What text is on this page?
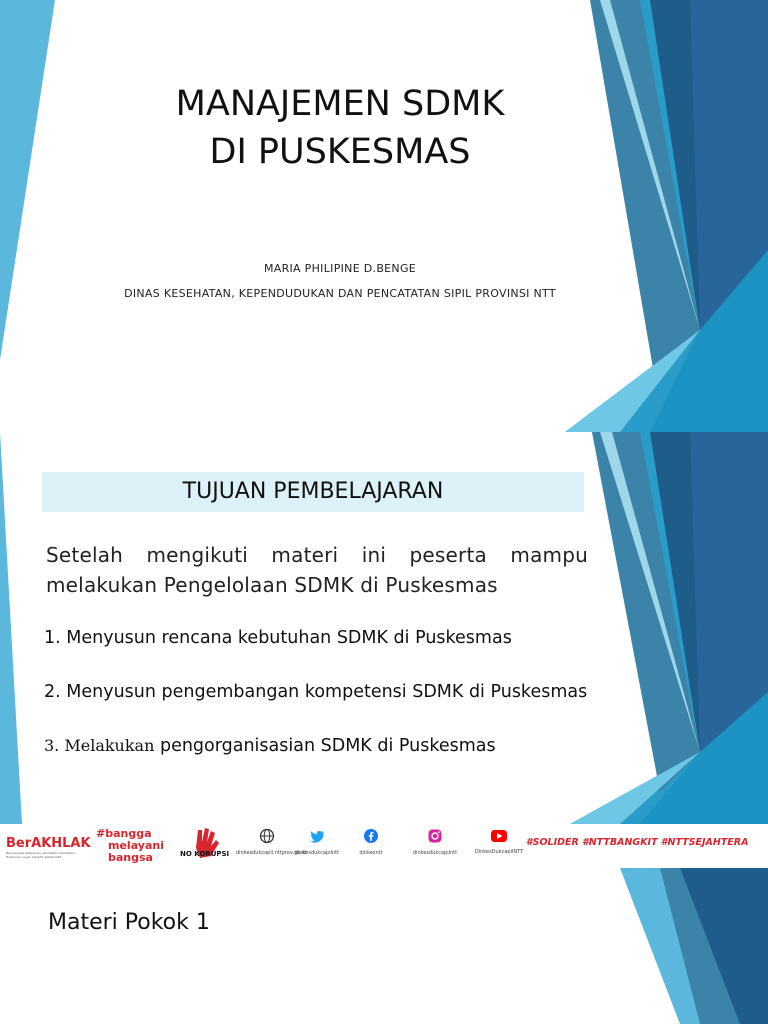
MANAJEMEN SDMK
DI PUSKESMAS
MARIA PHILIPINE D.BENGE
DINAS KESEHATAN, KEPENDUDUKAN DAN PENCATATAN SIPIL PROVINSI NTT
TUJUAN PEMBELAJARAN
Setelah mengikuti materi ini peserta mampu
melakukan Pengelolaan SDMK di Puskesmas
1. Menyusun rencana kebutuhan SDMK di Puskesmas
2. Menyusun pengembangan kompetensi SDMK di Puskesmas
3. Melakukan pengorganisasian SDMK di Puskesmas
BerAKHLAK
Berorientasi Pelayanan, Akuntabel, Kompeten, Harmonis, Loyal, Adaptif, Kolaboratif
#bangga
melayani
bangsa	NO KORUPSI dinkesdukcapil.nttprov.go.id
dinkesdukcapilntt	dinkesntt	dinkesdukcapilntt	DinkesDukcapilNTT
#SOLIDER #NTTBANGKIT #NTTSEJAHTERA
Materi Pokok 1
